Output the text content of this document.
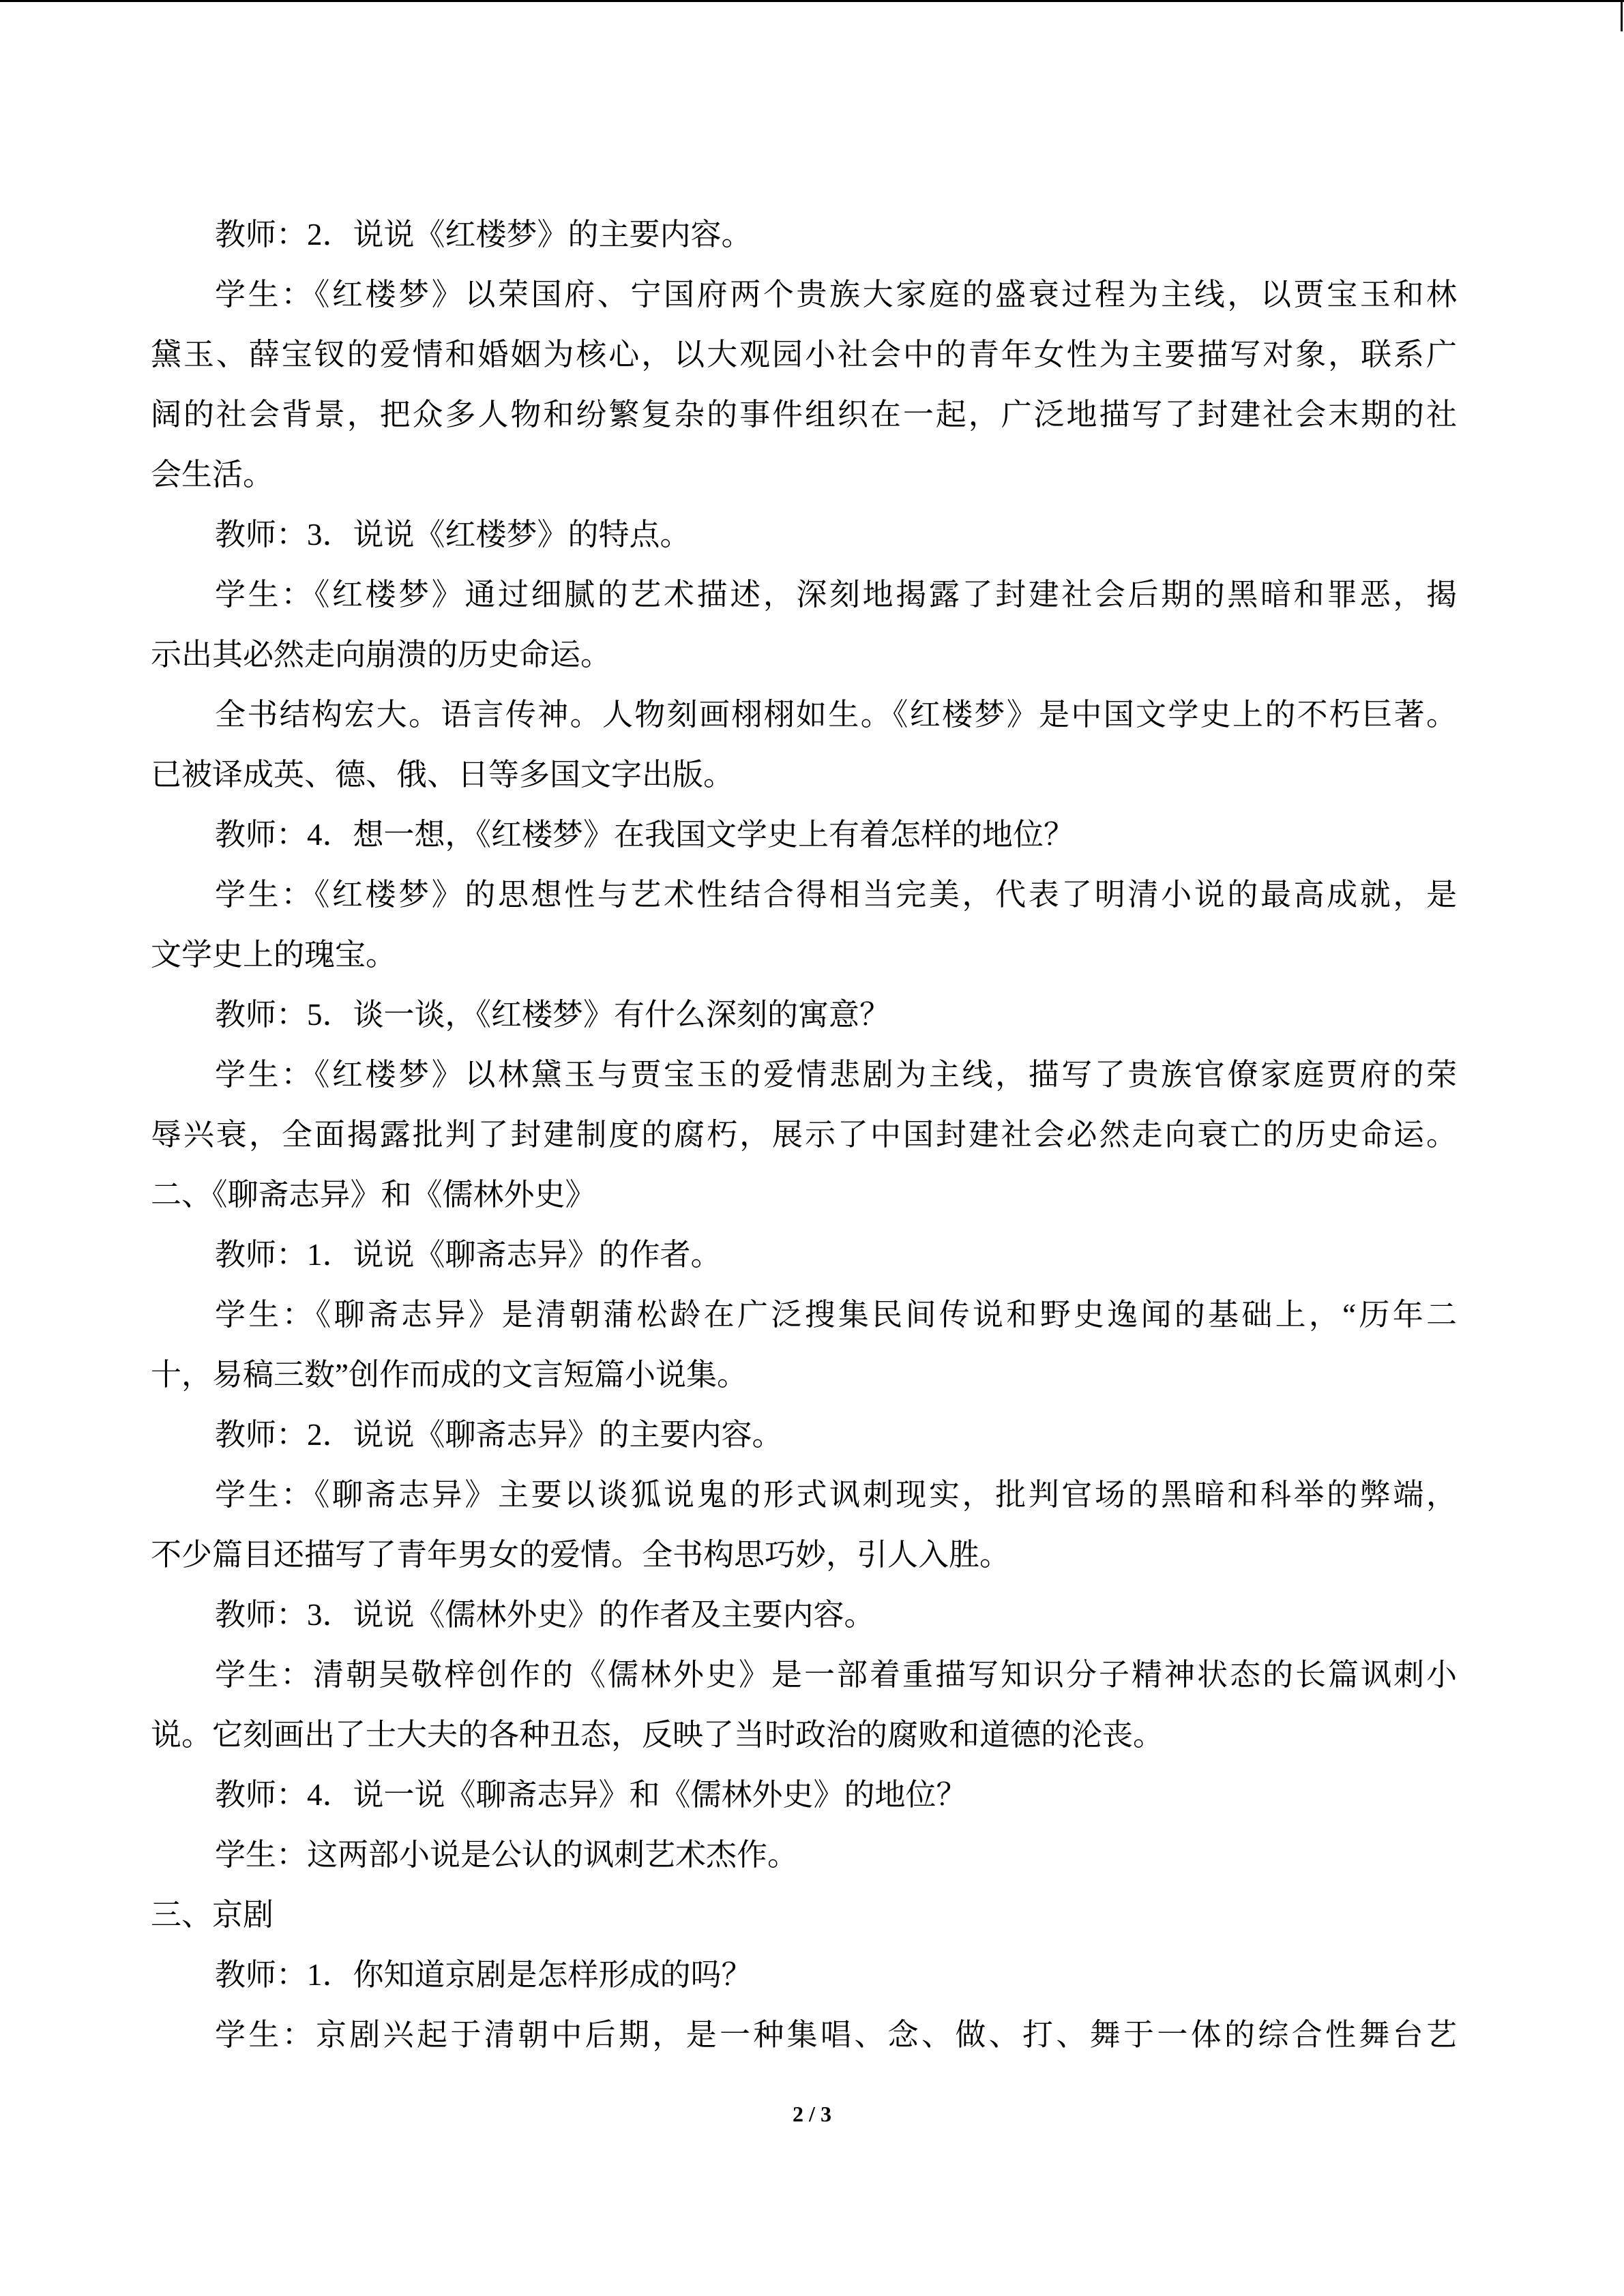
教师：2．说说《红楼梦》的主要内容。
学生：《红楼梦》以荣国府、宁国府两个贵族大家庭的盛衰过程为主线，以贾宝玉和林
黛玉、薛宝钗的爱情和婚姻为核心，以大观园小社会中的青年女性为主要描写对象，联系广
阔的社会背景，把众多人物和纷繁复杂的事件组织在一起，广泛地描写了封建社会末期的社
会生活。
教师：3．说说《红楼梦》的特点。
学生：《红楼梦》通过细腻的艺术描述，深刻地揭露了封建社会后期的黑暗和罪恶，揭
示出其必然走向崩溃的历史命运。
全书结构宏大。语言传神。人物刻画栩栩如生。《红楼梦》是中国文学史上的不朽巨著。
已被译成英、德、俄、日等多国文字出版。
教师：4．想一想，《红楼梦》在我国文学史上有着怎样的地位？
学生：《红楼梦》的思想性与艺术性结合得相当完美，代表了明清小说的最高成就，是
文学史上的瑰宝。
教师：5．谈一谈，《红楼梦》有什么深刻的寓意？
学生：《红楼梦》以林黛玉与贾宝玉的爱情悲剧为主线，描写了贵族官僚家庭贾府的荣
辱兴衰，全面揭露批判了封建制度的腐朽，展示了中国封建社会必然走向衰亡的历史命运。
二、《聊斋志异》和《儒林外史》
教师：1．说说《聊斋志异》的作者。
学生：《聊斋志异》是清朝蒲松龄在广泛搜集民间传说和野史逸闻的基础上，“历年二
十，易稿三数”创作而成的文言短篇小说集。
教师：2．说说《聊斋志异》的主要内容。
学生：《聊斋志异》主要以谈狐说鬼的形式讽刺现实，批判官场的黑暗和科举的弊端，
不少篇目还描写了青年男女的爱情。全书构思巧妙，引人入胜。
教师：3．说说《儒林外史》的作者及主要内容。
学生：清朝吴敬梓创作的《儒林外史》是一部着重描写知识分子精神状态的长篇讽刺小
说。它刻画出了士大夫的各种丑态，反映了当时政治的腐败和道德的沦丧。
教师：4．说一说《聊斋志异》和《儒林外史》的地位？
学生：这两部小说是公认的讽刺艺术杰作。
三、京剧
教师：1．你知道京剧是怎样形成的吗？
学生：京剧兴起于清朝中后期，是一种集唱、念、做、打、舞于一体的综合性舞台艺
2 / 3
